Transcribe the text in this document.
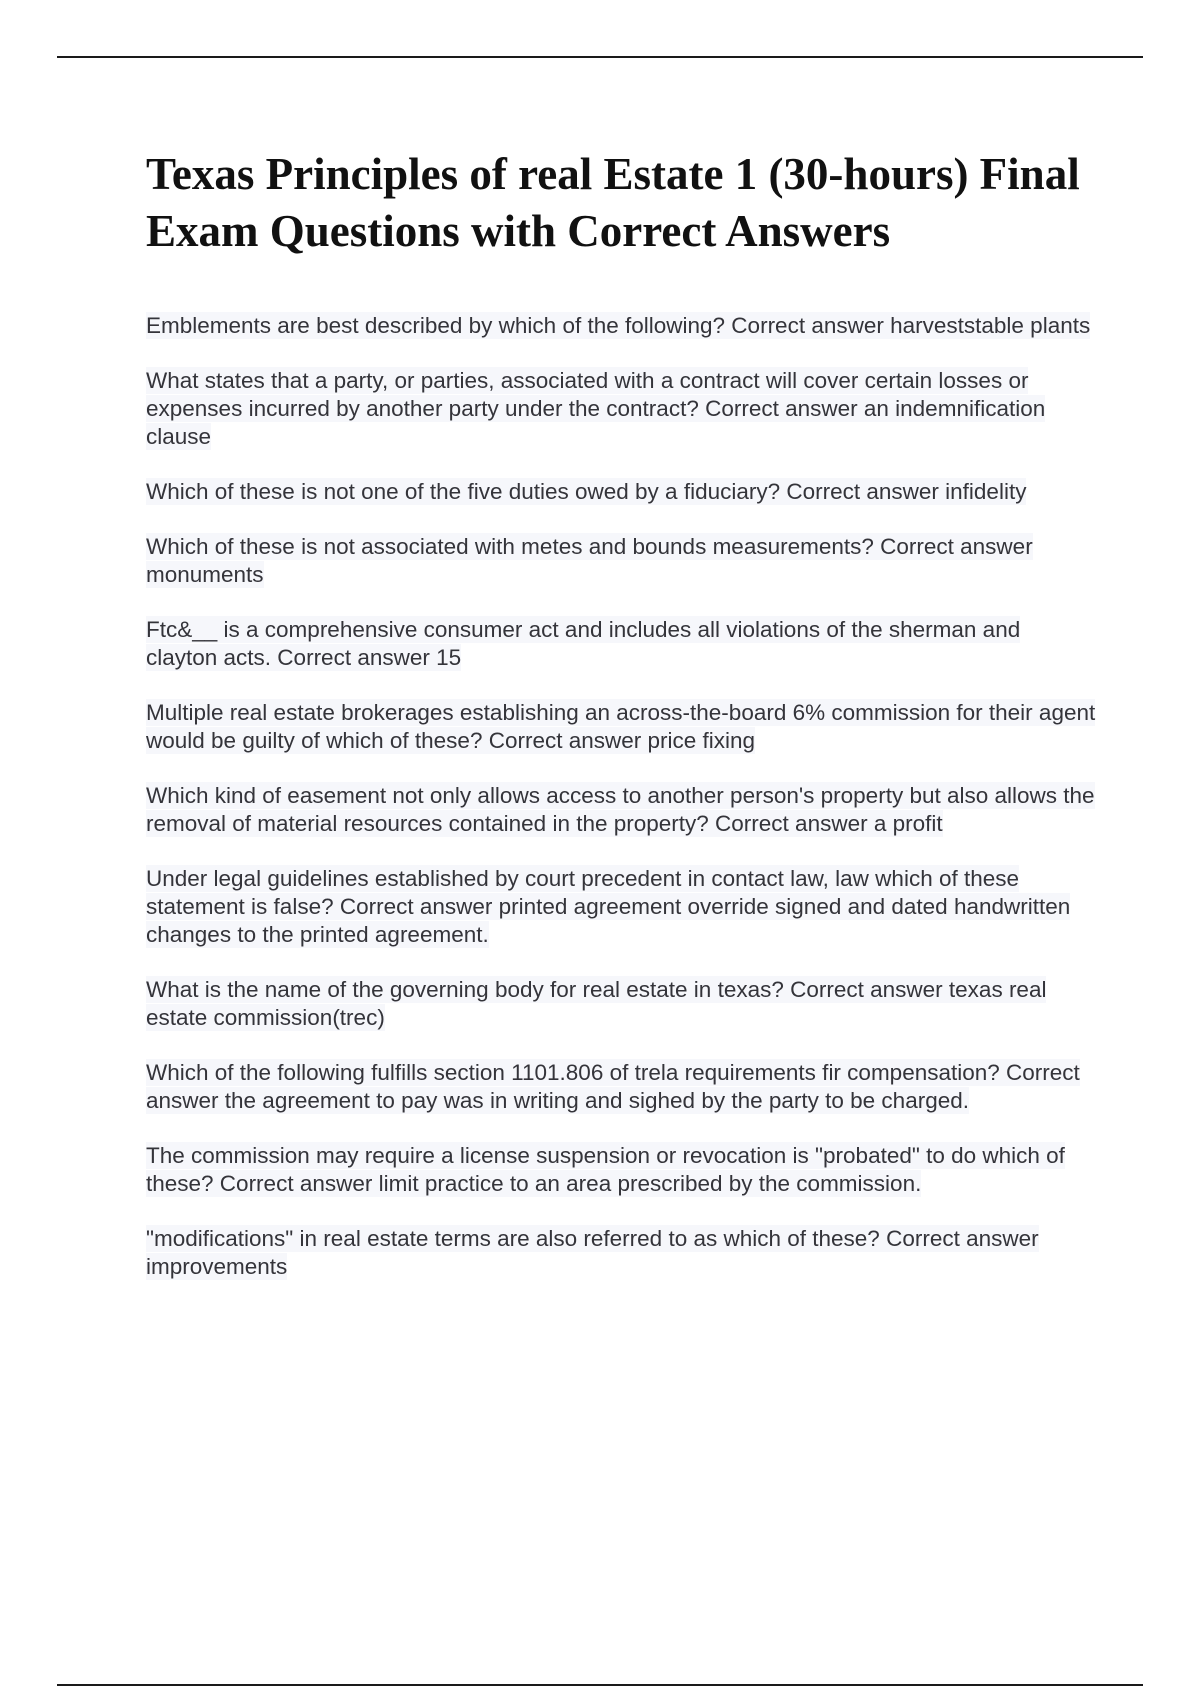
Texas Principles of real Estate 1 (30-hours) Final Exam Questions with Correct Answers
Emblements are best described by which of the following? Correct answer harveststable plants
What states that a party, or parties, associated with a contract will cover certain losses or expenses incurred by another party under the contract? Correct answer an indemnification clause
Which of these is not one of the five duties owed by a fiduciary? Correct answer infidelity
Which of these is not associated with metes and bounds measurements? Correct answer monuments
Ftc&__ is a comprehensive consumer act and includes all violations of the sherman and clayton acts. Correct answer 15
Multiple real estate brokerages establishing an across-the-board 6% commission for their agent would be guilty of which of these? Correct answer price fixing
Which kind of easement not only allows access to another person's property but also allows the removal of material resources contained in the property? Correct answer a profit
Under legal guidelines established by court precedent in contact law, law which of these statement is false? Correct answer printed agreement override signed and dated handwritten changes to the printed agreement.
What is the name of the governing body for real estate in texas? Correct answer texas real estate commission(trec)
Which of the following fulfills section 1101.806 of trela requirements fir compensation? Correct answer the agreement to pay was in writing and sighed by the party to be charged.
The commission may require a license suspension or revocation is "probated" to do which of these? Correct answer limit practice to an area prescribed by the commission.
"modifications" in real estate terms are also referred to as which of these? Correct answer improvements
